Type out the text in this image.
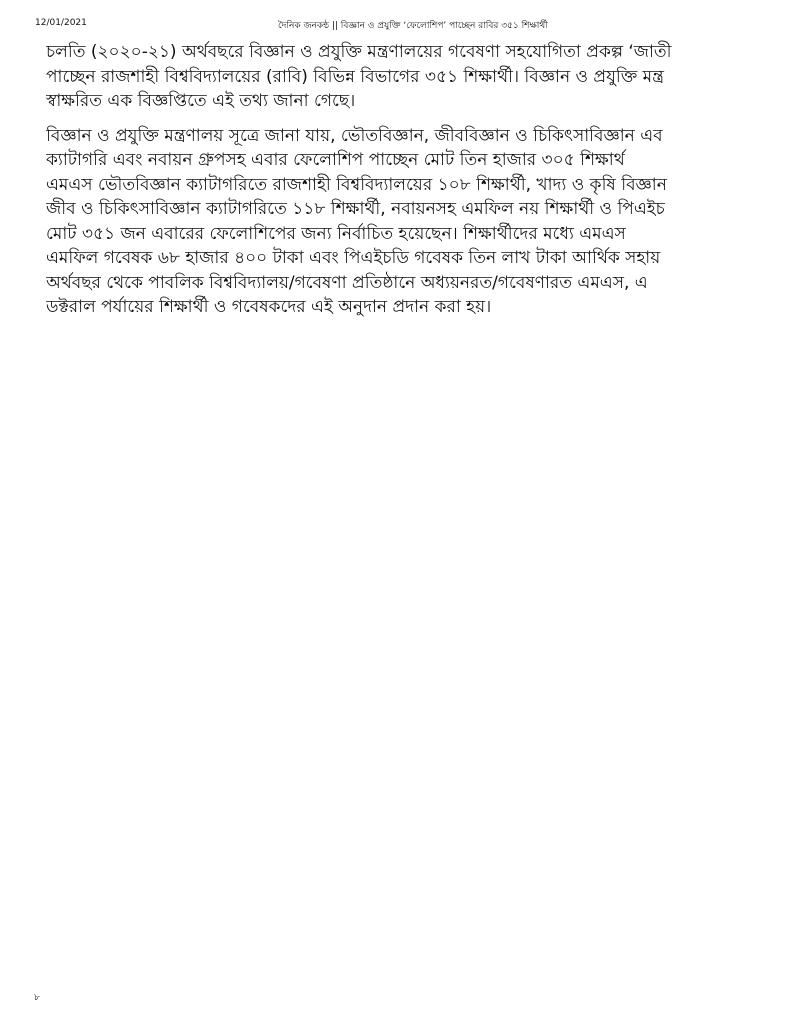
12/01/2021	দৈনিক জনকন্ঠ || বিজ্ঞান ও প্রযুক্তি ‘ফেলোশিপ’ পাচ্ছেন রাবির ৩৫১ শিক্ষার্থী

চলতি (২০২০-২১) অর্থবছরে বিজ্ঞান ও প্রযুক্তি মন্ত্রণালয়ের গবেষণা সহযোগিতা প্রকল্প ‘জাতী
পাচ্ছেন রাজশাহী বিশ্ববিদ্যালয়ের (রাবি) বিভিন্ন বিভাগের ৩৫১ শিক্ষার্থী। বিজ্ঞান ও প্রযুক্তি মন্ত্র
স্বাক্ষরিত এক বিজ্ঞপ্তিতে এই তথ্য জানা গেছে।

বিজ্ঞান ও প্রযুক্তি মন্ত্রণালয় সূত্রে জানা যায়, ভৌতবিজ্ঞান, জীববিজ্ঞান ও চিকিৎসাবিজ্ঞান এব
ক্যাটাগরি এবং নবায়ন গ্রুপসহ এবার ফেলোশিপ পাচ্ছেন মোট তিন হাজার ৩০৫ শিক্ষার্থ
এমএস ভৌতবিজ্ঞান ক্যাটাগরিতে রাজশাহী বিশ্ববিদ্যালয়ের ১০৮ শিক্ষার্থী, খাদ্য ও কৃষি বিজ্ঞান
জীব ও চিকিৎসাবিজ্ঞান ক্যাটাগরিতে ১১৮ শিক্ষার্থী, নবায়নসহ এমফিল নয় শিক্ষার্থী ও পিএইচ
মোট ৩৫১ জন এবারের ফেলোশিপের জন্য নির্বাচিত হয়েছেন। শিক্ষার্থীদের মধ্যে এমএস
এমফিল গবেষক ৬৮ হাজার ৪০০ টাকা এবং পিএইচডি গবেষক তিন লাখ টাকা আর্থিক সহায়
অর্থবছর থেকে পাবলিক বিশ্ববিদ্যালয়/গবেষণা প্রতিষ্ঠানে অধ্যয়নরত/গবেষণারত এমএস, এ
ডক্টরাল পর্যায়ের শিক্ষার্থী ও গবেষকদের এই অনুদান প্রদান করা হয়।

৮
